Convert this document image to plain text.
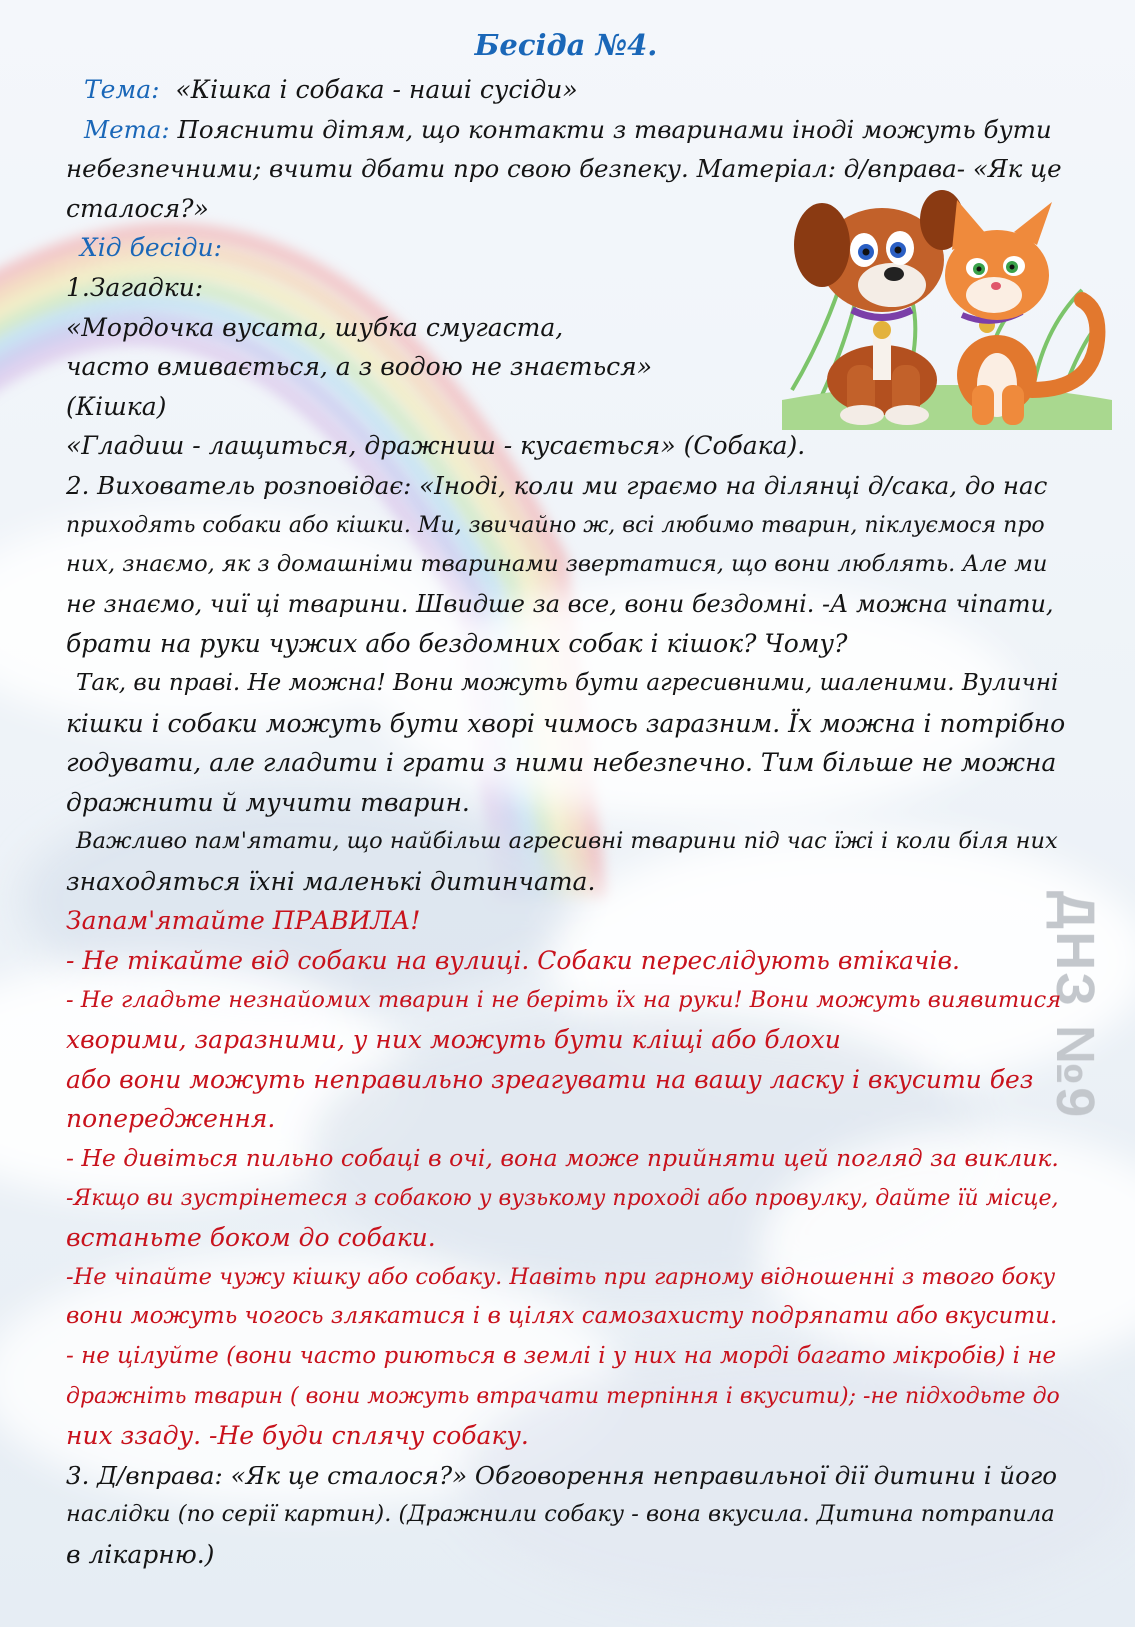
ДНЗ №9
Бесіда №4.
Тема: «Кішка і собака - наші сусіди»
Мета: Пояснити дітям, що контакти з тваринами іноді можуть бути
небезпечними; вчити дбати про свою безпеку. Матеріал: д/вправа- «Як це
сталося?»
Хід бесіди:
1.Загадки:
«Мордочка вусата, шубка смугаста,
часто вмивається, а з водою не знається»
(Кішка)
«Гладиш - лащиться, дражниш - кусається» (Собака).
2. Вихователь розповідає: «Іноді, коли ми граємо на ділянці д/сака, до нас
приходять собаки або кішки. Ми, звичайно ж, всі любимо тварин, піклуємося про
них, знаємо, як з домашніми тваринами звертатися, що вони люблять. Але ми
не знаємо, чиї ці тварини. Швидше за все, вони бездомні. -А можна чіпати,
брати на руки чужих або бездомних собак і кішок? Чому?
Так, ви праві. Не можна! Вони можуть бути агресивними, шаленими. Вуличні
кішки і собаки можуть бути хворі чимось заразним. Їх можна і потрібно
годувати, але гладити і грати з ними небезпечно. Тим більше не можна
дражнити й мучити тварин.
Важливо пам'ятати, що найбільш агресивні тварини під час їжі і коли біля них
знаходяться їхні маленькі дитинчата.
Запам'ятайте ПРАВИЛА!
- Не тікайте від собаки на вулиці. Собаки переслідують втікачів.
- Не гладьте незнайомих тварин і не беріть їх на руки! Вони можуть виявитися
хворими, заразними, у них можуть бути кліщі або блохи
або вони можуть неправильно зреагувати на вашу ласку і вкусити без
попередження.
- Не дивіться пильно собаці в очі, вона може прийняти цей погляд за виклик.
-Якщо ви зустрінетеся з собакою у вузькому проході або провулку, дайте їй місце,
встаньте боком до собаки.
-Не чіпайте чужу кішку або собаку. Навіть при гарному відношенні з твого боку
вони можуть чогось злякатися і в цілях самозахисту подряпати або вкусити.
- не цілуйте (вони часто риються в землі і у них на морді багато мікробів) і не
дражніть тварин ( вони можуть втрачати терпіння і вкусити); -не підходьте до
них ззаду. -Не буди сплячу собаку.
3. Д/вправа: «Як це сталося?» Обговорення неправильної дії дитини і його
наслідки (по серії картин). (Дражнили собаку - вона вкусила. Дитина потрапила
в лікарню.)
